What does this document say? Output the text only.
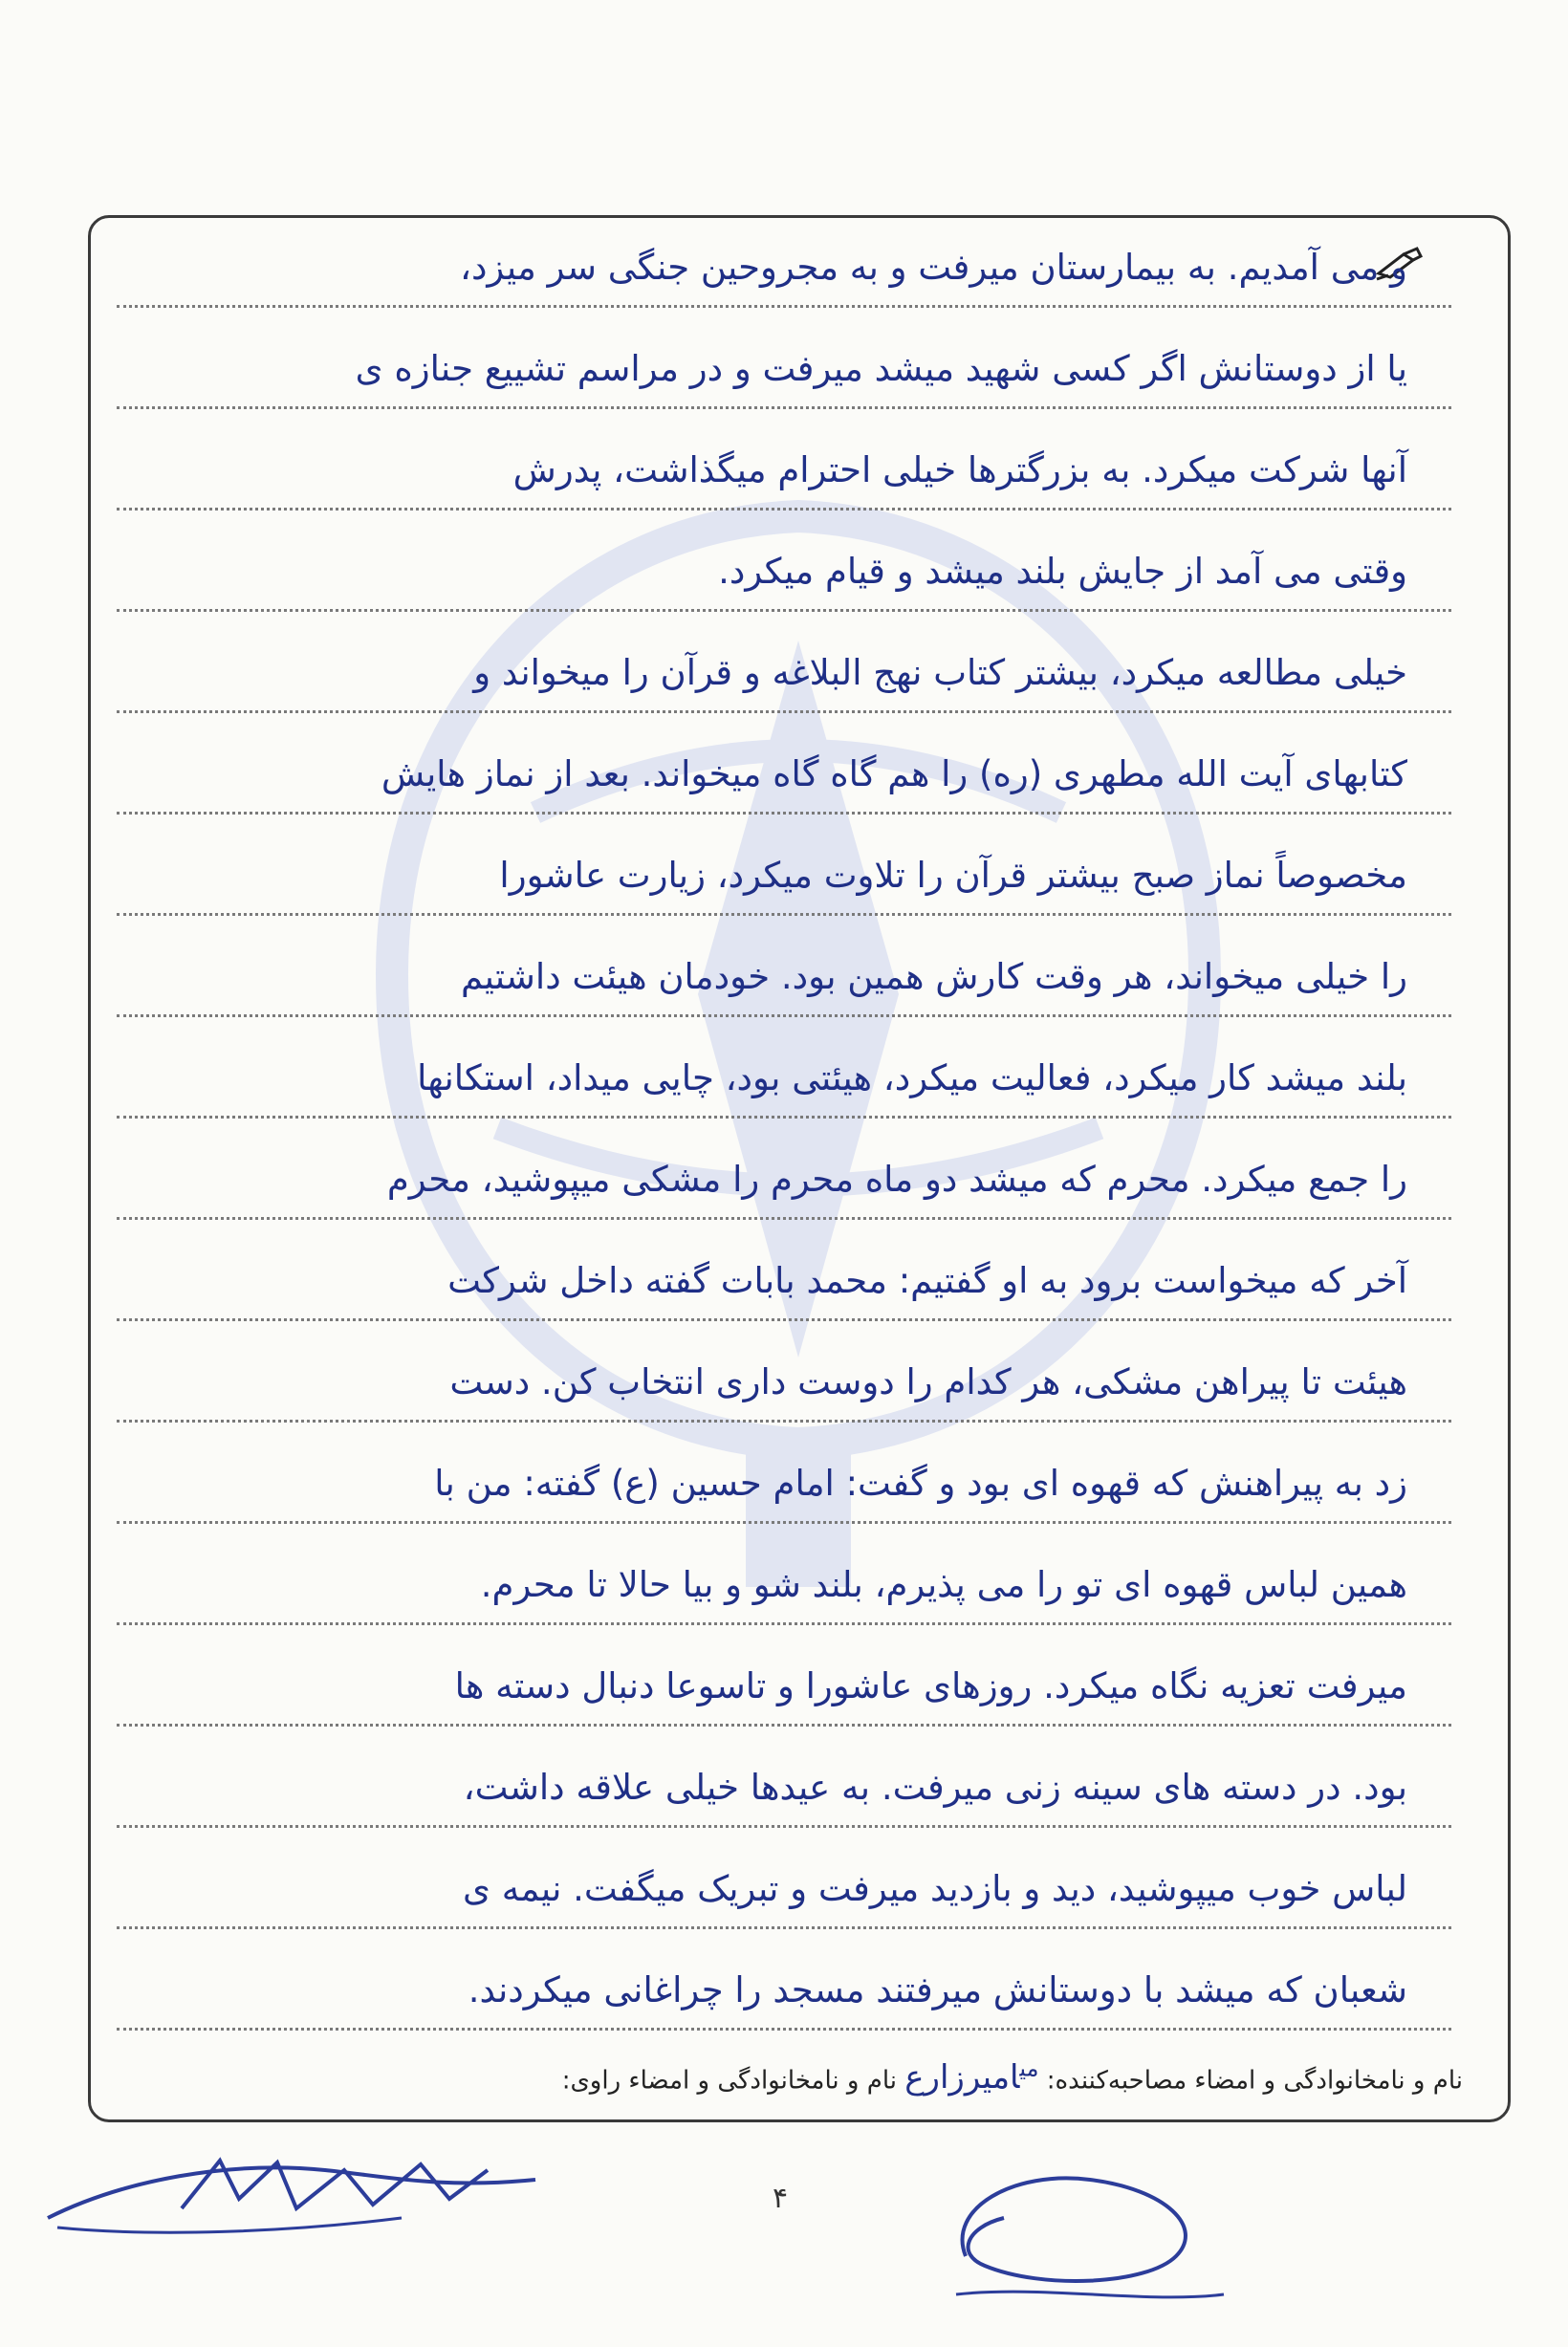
و می آمدیم. به بیمارستان میرفت و به مجروحین جنگی سر میزد،
یا از دوستانش اگر کسی شهید میشد میرفت و در مراسم تشییع جنازه ی
آنها شرکت میکرد. به بزرگترها خیلی احترام میگذاشت، پدرش
وقتی می آمد از جایش بلند میشد و قیام میکرد.
خیلی مطالعه میکرد، بیشتر کتاب نهج البلاغه و قرآن را میخواند و
کتابهای آیت الله مطهری (ره) را هم گاه گاه میخواند. بعد از نماز هایش
مخصوصاً نماز صبح بیشتر قرآن را تلاوت میکرد، زیارت عاشورا
را خیلی میخواند، هر وقت کارش همین بود. خودمان هیئت داشتیم
بلند میشد کار میکرد، فعالیت میکرد، هیئتی بود، چایی میداد، استکانها
را جمع میکرد. محرم که میشد دو ماه محرم را مشکی میپوشید، محرم
آخر که میخواست برود به او گفتیم: محمد بابات گفته داخل شرکت
هیئت تا پیراهن مشکی، هر کدام را دوست داری انتخاب کن. دست
زد به پیراهنش که قهوه ای بود و گفت: امام حسین (ع) گفته: من با
همین لباس قهوه ای تو را می پذیرم، بلند شو و بیا حالا تا محرم.
میرفت تعزیه نگاه میکرد. روزهای عاشورا و تاسوعا دنبال دسته ها
بود. در دسته های سینه زنی میرفت. به عیدها خیلی علاقه داشت،
لباس خوب میپوشید، دید و بازدید میرفت و تبریک میگفت. نیمه ی
شعبان که میشد با دوستانش میرفتند مسجد را چراغانی میکردند.
نام و نامخانوادگی و امضاء مصاحبه‌کننده: $^{می}$امیرزارع نام و نامخانوادگی و امضاء راوی:
۴
